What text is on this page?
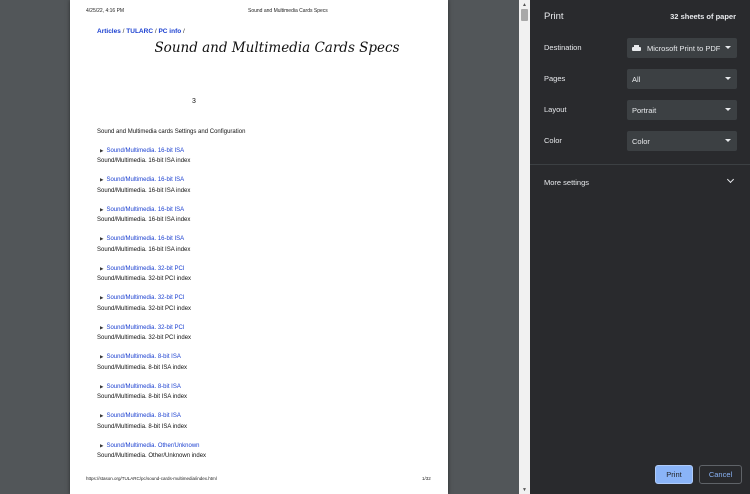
4/25/22, 4:16 PM	Sound and Multimedia Cards Specs
Articles / TULARC / PC info /
Sound and Multimedia Cards Specs
3
Sound and Multimedia cards Settings and Configuration
▶ Sound/Multimedia. 16-bit ISA
Sound/Multimedia. 16-bit ISA index
▶ Sound/Multimedia. 16-bit ISA
Sound/Multimedia. 16-bit ISA index
▶ Sound/Multimedia. 16-bit ISA
Sound/Multimedia. 16-bit ISA index
▶ Sound/Multimedia. 16-bit ISA
Sound/Multimedia. 16-bit ISA index
▶ Sound/Multimedia. 32-bit PCI
Sound/Multimedia. 32-bit PCI index
▶ Sound/Multimedia. 32-bit PCI
Sound/Multimedia. 32-bit PCI index
▶ Sound/Multimedia. 32-bit PCI
Sound/Multimedia. 32-bit PCI index
▶ Sound/Multimedia. 8-bit ISA
Sound/Multimedia. 8-bit ISA index
▶ Sound/Multimedia. 8-bit ISA
Sound/Multimedia. 8-bit ISA index
▶ Sound/Multimedia. 8-bit ISA
Sound/Multimedia. 8-bit ISA index
▶ Sound/Multimedia. Other/Unknown
Sound/Multimedia. Other/Unknown index
https://stason.org/TULARC/pc/sound-cards-multimedia/index.html	1/32
▲
▼
Print	32 sheets of paper
Destination	Microsoft Print to PDF
Pages	All
Layout	Portrait
Color	Color
More settings
Print	Cancel
